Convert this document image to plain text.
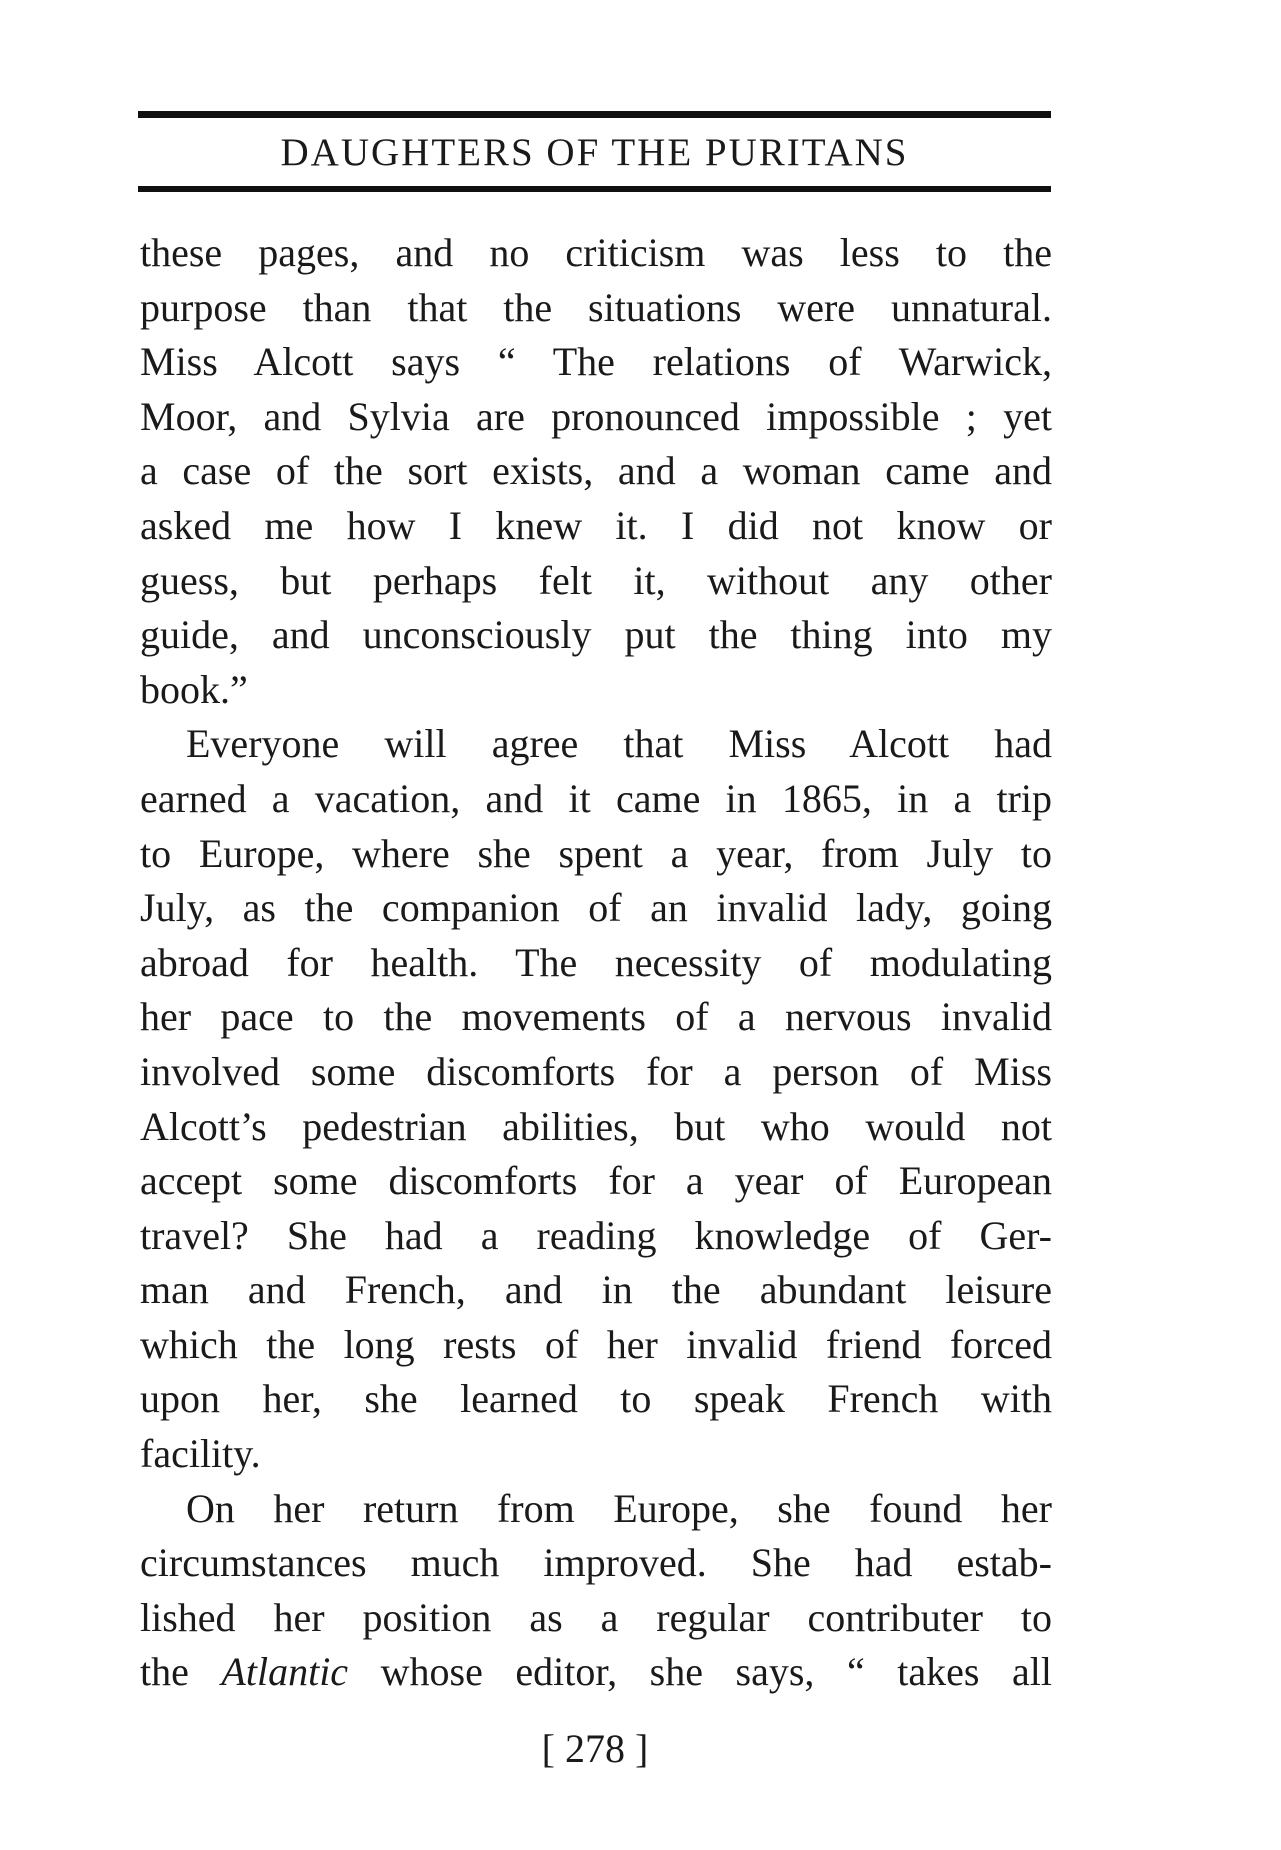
DAUGHTERS OF THE PURITANS
these pages, and no criticism was less to the
purpose than that the situations were unnatural.
Miss Alcott says “ The relations of Warwick,
Moor, and Sylvia are pronounced impossible ; yet
a case of the sort exists, and a woman came and
asked me how I knew it. I did not know or
guess, but perhaps felt it, without any other
guide, and unconsciously put the thing into my
book.”
Everyone will agree that Miss Alcott had
earned a vacation, and it came in 1865, in a trip
to Europe, where she spent a year, from July to
July, as the companion of an invalid lady, going
abroad for health. The necessity of modulating
her pace to the movements of a nervous invalid
involved some discomforts for a person of Miss
Alcott’s pedestrian abilities, but who would not
accept some discomforts for a year of European
travel? She had a reading knowledge of Ger-
man and French, and in the abundant leisure
which the long rests of her invalid friend forced
upon her, she learned to speak French with
facility.
On her return from Europe, she found her
circumstances much improved. She had estab-
lished her position as a regular contributer to
the Atlantic whose editor, she says, “ takes all
[ 278 ]
